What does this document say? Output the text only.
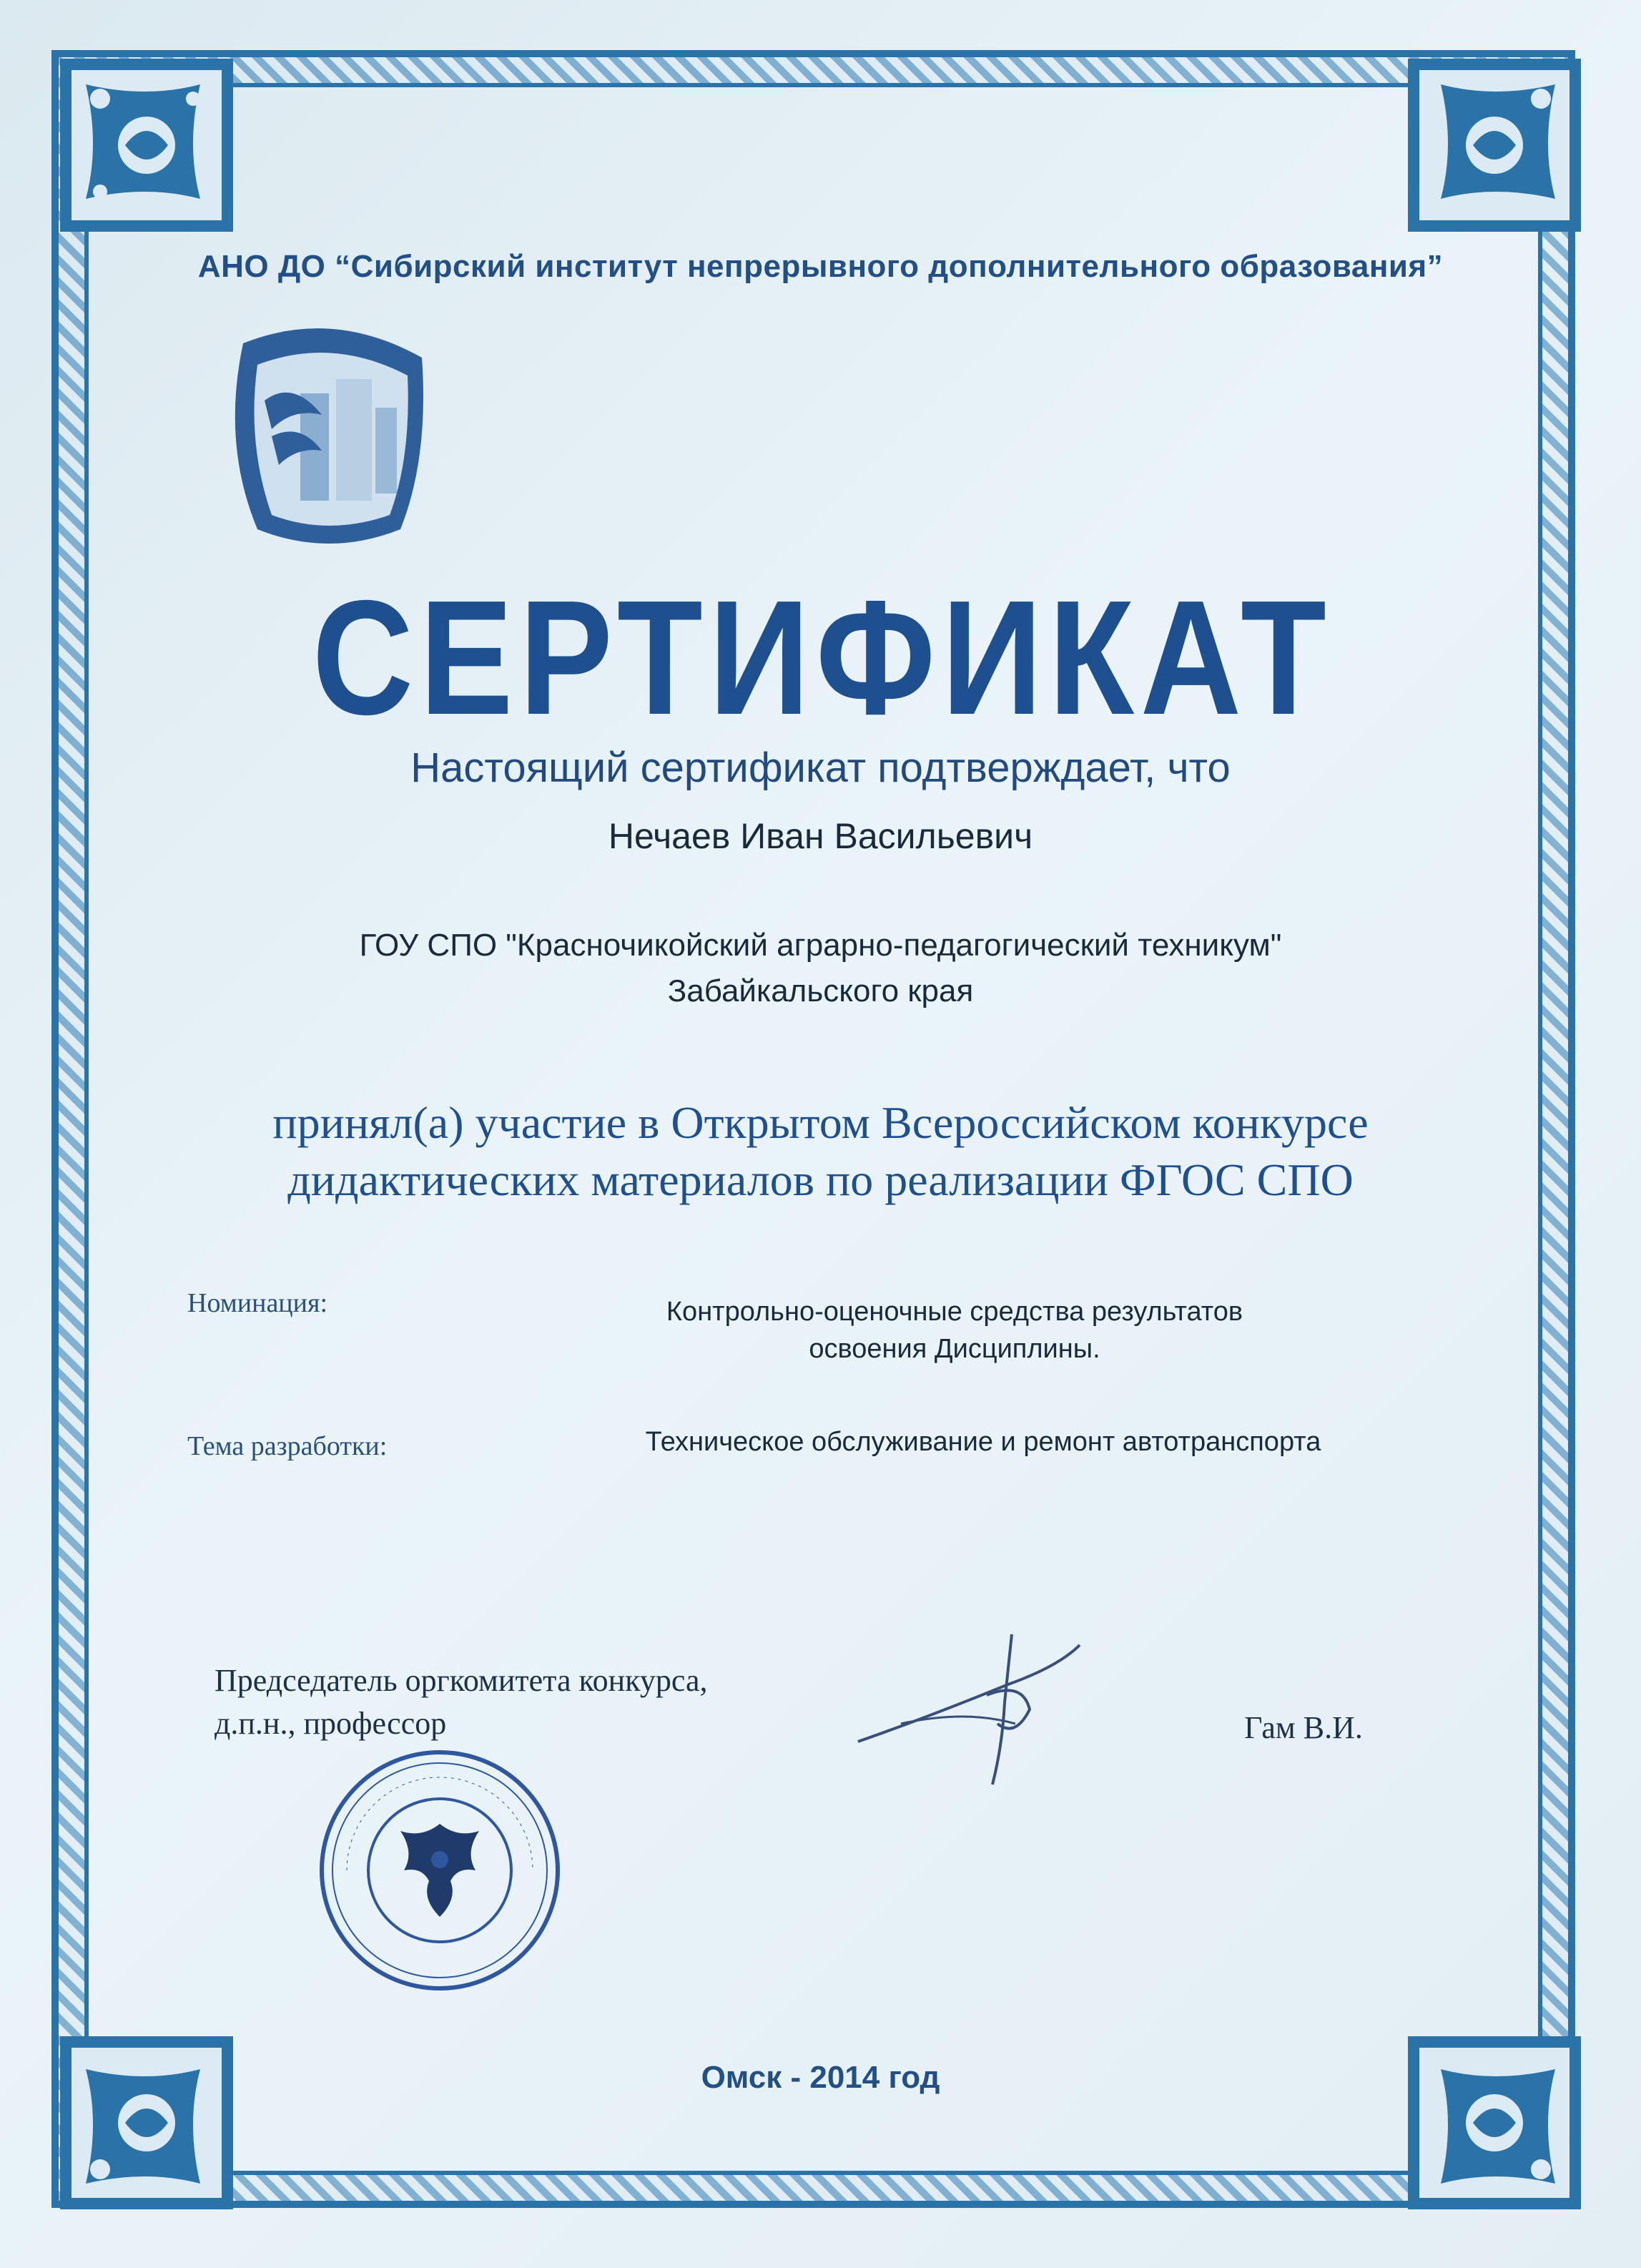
АНО ДО “Сибирский институт непрерывного дополнительного образования”
СЕРТИФИКАТ
Настоящий сертификат подтверждает, что
Нечаев Иван Васильевич
ГОУ СПО "Красночикойский аграрно-педагогический техникум"
Забайкальского края
принял(а) участие в Открытом Всероссийском конкурсе
дидактических материалов по реализации ФГОС СПО
Номинация:	Контрольно-оценочные средства результатов
освоения Дисциплины.
Тема разработки:	Техническое обслуживание и ремонт автотранспорта
Председатель оргкомитета конкурса,
д.п.н., профессор	Гам В.И.
Омск - 2014 год
